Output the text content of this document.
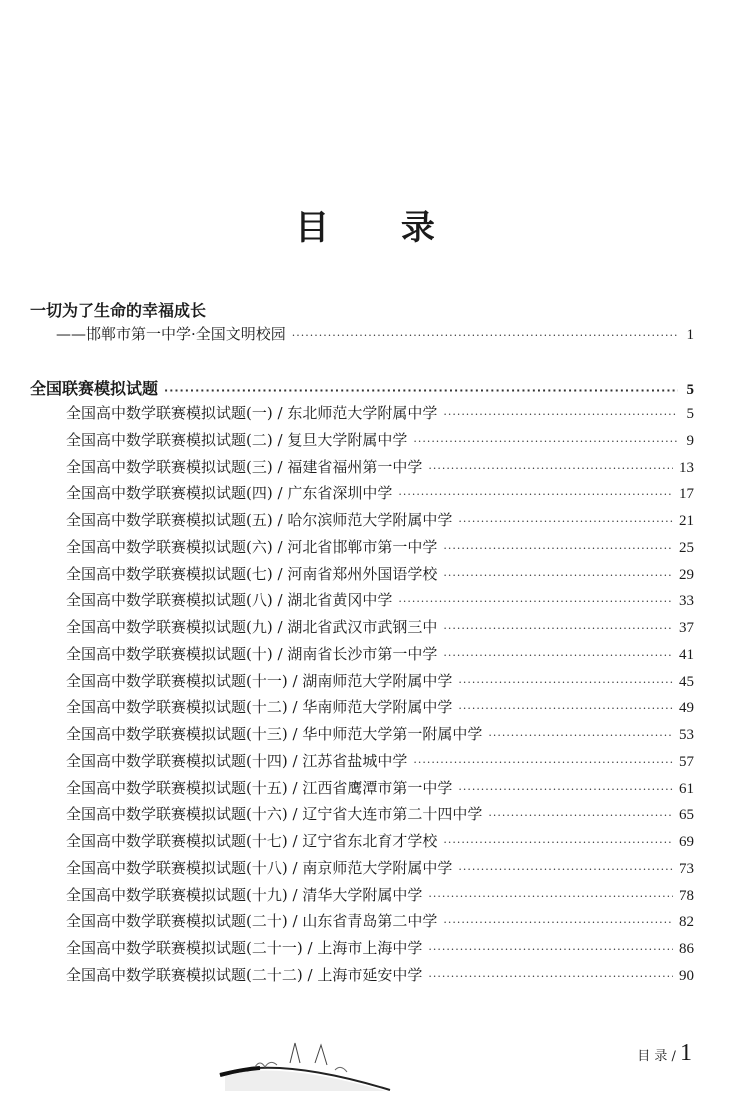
目 录
一切为了生命的幸福成长
——邯郸市第一中学·全国文明校园 ·····	1
全国联赛模拟试题 ·····	5
全国高中数学联赛模拟试题(一) / 东北师范大学附属中学 ·····	5
全国高中数学联赛模拟试题(二) / 复旦大学附属中学 ·····	9
全国高中数学联赛模拟试题(三) / 福建省福州第一中学 ·····	13
全国高中数学联赛模拟试题(四) / 广东省深圳中学 ·····	17
全国高中数学联赛模拟试题(五) / 哈尔滨师范大学附属中学 ·····	21
全国高中数学联赛模拟试题(六) / 河北省邯郸市第一中学 ·····	25
全国高中数学联赛模拟试题(七) / 河南省郑州外国语学校 ·····	29
全国高中数学联赛模拟试题(八) / 湖北省黄冈中学 ·····	33
全国高中数学联赛模拟试题(九) / 湖北省武汉市武钢三中 ·····	37
全国高中数学联赛模拟试题(十) / 湖南省长沙市第一中学 ·····	41
全国高中数学联赛模拟试题(十一) / 湖南师范大学附属中学 ·····	45
全国高中数学联赛模拟试题(十二) / 华南师范大学附属中学 ·····	49
全国高中数学联赛模拟试题(十三) / 华中师范大学第一附属中学 ·····	53
全国高中数学联赛模拟试题(十四) / 江苏省盐城中学 ·····	57
全国高中数学联赛模拟试题(十五) / 江西省鹰潭市第一中学 ·····	61
全国高中数学联赛模拟试题(十六) / 辽宁省大连市第二十四中学 ·····	65
全国高中数学联赛模拟试题(十七) / 辽宁省东北育才学校 ·····	69
全国高中数学联赛模拟试题(十八) / 南京师范大学附属中学 ·····	73
全国高中数学联赛模拟试题(十九) / 清华大学附属中学 ·····	78
全国高中数学联赛模拟试题(二十) / 山东省青岛第二中学 ·····	82
全国高中数学联赛模拟试题(二十一) / 上海市上海中学 ·····	86
全国高中数学联赛模拟试题(二十二) / 上海市延安中学 ·····	90
目 录 / 1
